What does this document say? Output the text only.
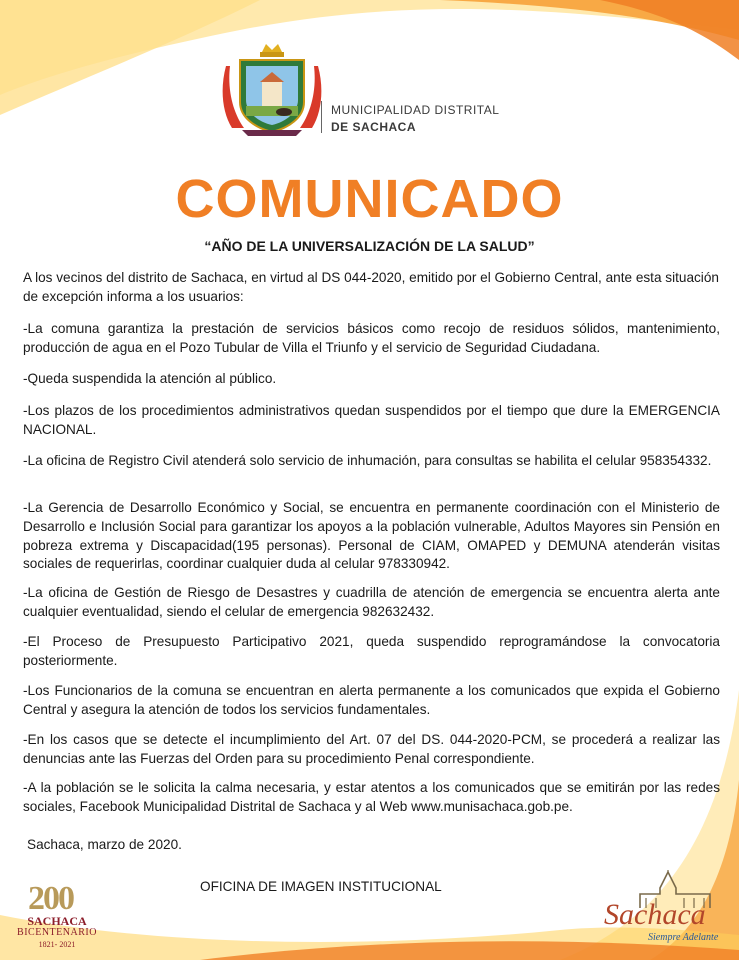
MUNICIPALIDAD DISTRITAL
DE SACHACA
COMUNICADO
“AÑO DE LA UNIVERSALIZACIÓN DE LA SALUD”

A los vecinos del distrito de Sachaca, en virtud al DS 044-2020, emitido por el Gobierno Central, ante esta situación de excepción informa a los usuarios:

-La comuna garantiza la prestación de servicios básicos como recojo de residuos sólidos, mantenimiento, producción de agua en el Pozo Tubular de Villa el Triunfo y el servicio de Seguridad Ciudadana.

-Queda suspendida la atención al público.

-Los plazos de los procedimientos administrativos quedan suspendidos por el tiempo que dure la EMERGENCIA NACIONAL.

-La oficina de Registro Civil atenderá solo servicio de inhumación, para consultas se habilita el celular 958354332.

-La Gerencia de Desarrollo Económico y Social, se encuentra en permanente coordinación con el Ministerio de Desarrollo e Inclusión Social para garantizar los apoyos a la población vulnerable, Adultos Mayores sin Pensión en pobreza extrema y Discapacidad(195 personas). Personal de CIAM, OMAPED y DEMUNA atenderán visitas sociales de requerirlas, coordinar cualquier duda al celular 978330942.

-La oficina de Gestión de Riesgo de Desastres y cuadrilla de atención de emergencia se encuentra alerta ante cualquier eventualidad, siendo el celular de emergencia 982632432.

-El Proceso de Presupuesto Participativo 2021, queda suspendido reprogramándose la convocatoria posteriormente.

-Los Funcionarios de la comuna se encuentran en alerta permanente a los comunicados que expida el Gobierno Central y asegura la atención de todos los servicios fundamentales.

-En los casos que se detecte el incumplimiento del Art. 07 del DS. 044-2020-PCM, se procederá a realizar las denuncias ante las Fuerzas del Orden para su procedimiento Penal correspondiente.

-A la población se le solicita la calma necesaria, y estar atentos a los comunicados que se emitirán por las redes sociales, Facebook Municipalidad Distrital de Sachaca y al Web www.munisachaca.gob.pe.

Sachaca, marzo de 2020.
OFICINA DE IMAGEN INSTITUCIONAL
200
SACHACA
BICENTENARIO
1821- 2021
Sachaca
Siempre Adelante
